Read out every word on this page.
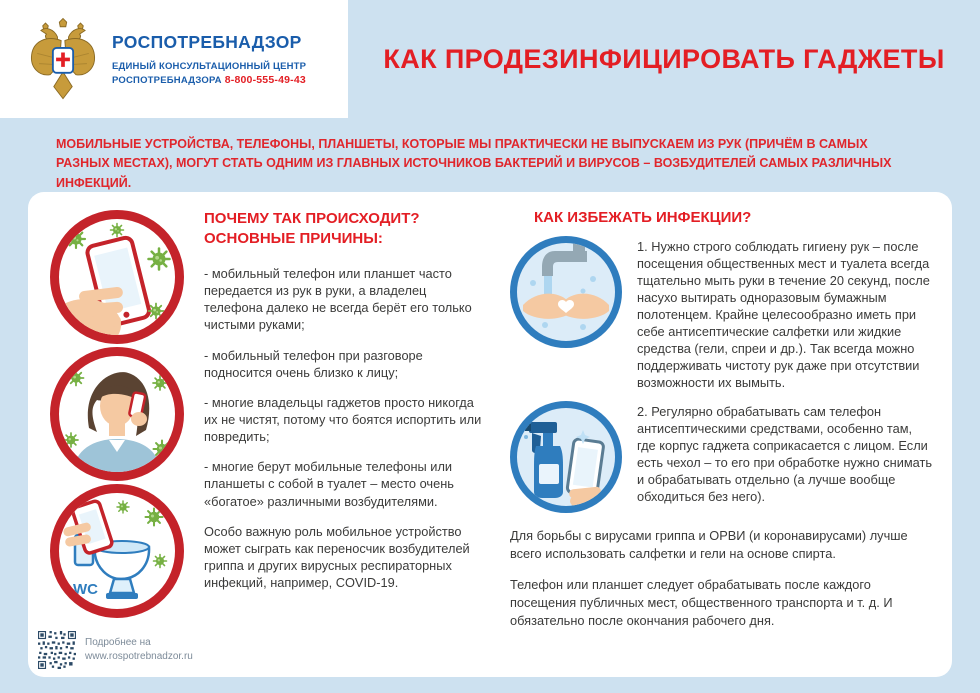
РОСПОТРЕБНАДЗОР
ЕДИНЫЙ КОНСУЛЬТАЦИОННЫЙ ЦЕНТР
РОСПОТРЕБНАДЗОРА 8-800-555-49-43
КАК ПРОДЕЗИНФИЦИРОВАТЬ ГАДЖЕТЫ

МОБИЛЬНЫЕ УСТРОЙСТВА, ТЕЛЕФОНЫ, ПЛАНШЕТЫ, КОТОРЫЕ МЫ ПРАКТИЧЕСКИ НЕ ВЫПУСКАЕМ ИЗ РУК (ПРИЧЁМ В САМЫХ РАЗНЫХ МЕСТАХ), МОГУТ СТАТЬ ОДНИМ ИЗ ГЛАВНЫХ ИСТОЧНИКОВ БАКТЕРИЙ И ВИРУСОВ – ВОЗБУДИТЕЛЕЙ САМЫХ РАЗЛИЧНЫХ ИНФЕКЦИЙ.

WC
ПОЧЕМУ ТАК ПРОИСХОДИТ?
ОСНОВНЫЕ ПРИЧИНЫ:

- мобильный телефон или планшет часто передается из рук в руки, а владелец телефона далеко не всегда берёт его только чистыми руками;

- мобильный телефон при разговоре подносится очень близко к лицу;

- многие владельцы гаджетов просто никогда их не чистят, потому что боятся испортить или повредить;

- многие берут мобильные телефоны или планшеты с собой в туалет – место очень «богатое» различными возбудителями.

Особо важную роль мобильное устройство может сыграть как переносчик возбудителей гриппа и других вирусных респираторных инфекций, например, COVID-19.

КАК ИЗБЕЖАТЬ ИНФЕКЦИИ?

1. Нужно строго соблюдать гигиену рук – после посещения общественных мест и туалета всегда тщательно мыть руки в течение 20 секунд, после насухо вытирать одноразовым бумажным полотенцем. Крайне целесообразно иметь при себе антисептические салфетки или жидкие средства (гели, спреи и др.). Так всегда можно поддерживать чистоту рук даже при отсутствии возможности их вымыть.

2. Регулярно обрабатывать сам телефон антисептическими средствами, особенно там, где корпус гаджета соприкасается с лицом. Если есть чехол – то его при обработке нужно снимать и обрабатывать отдельно (а лучше вообще обходиться без него).

Для борьбы с вирусами гриппа и ОРВИ (и коронавирусами) лучше всего использовать салфетки и гели на основе спирта.

Телефон или планшет следует обрабатывать после каждого посещения публичных мест, общественного транспорта и т. д. И обязательно после окончания рабочего дня.

Подробнее на
www.rospotrebnadzor.ru
